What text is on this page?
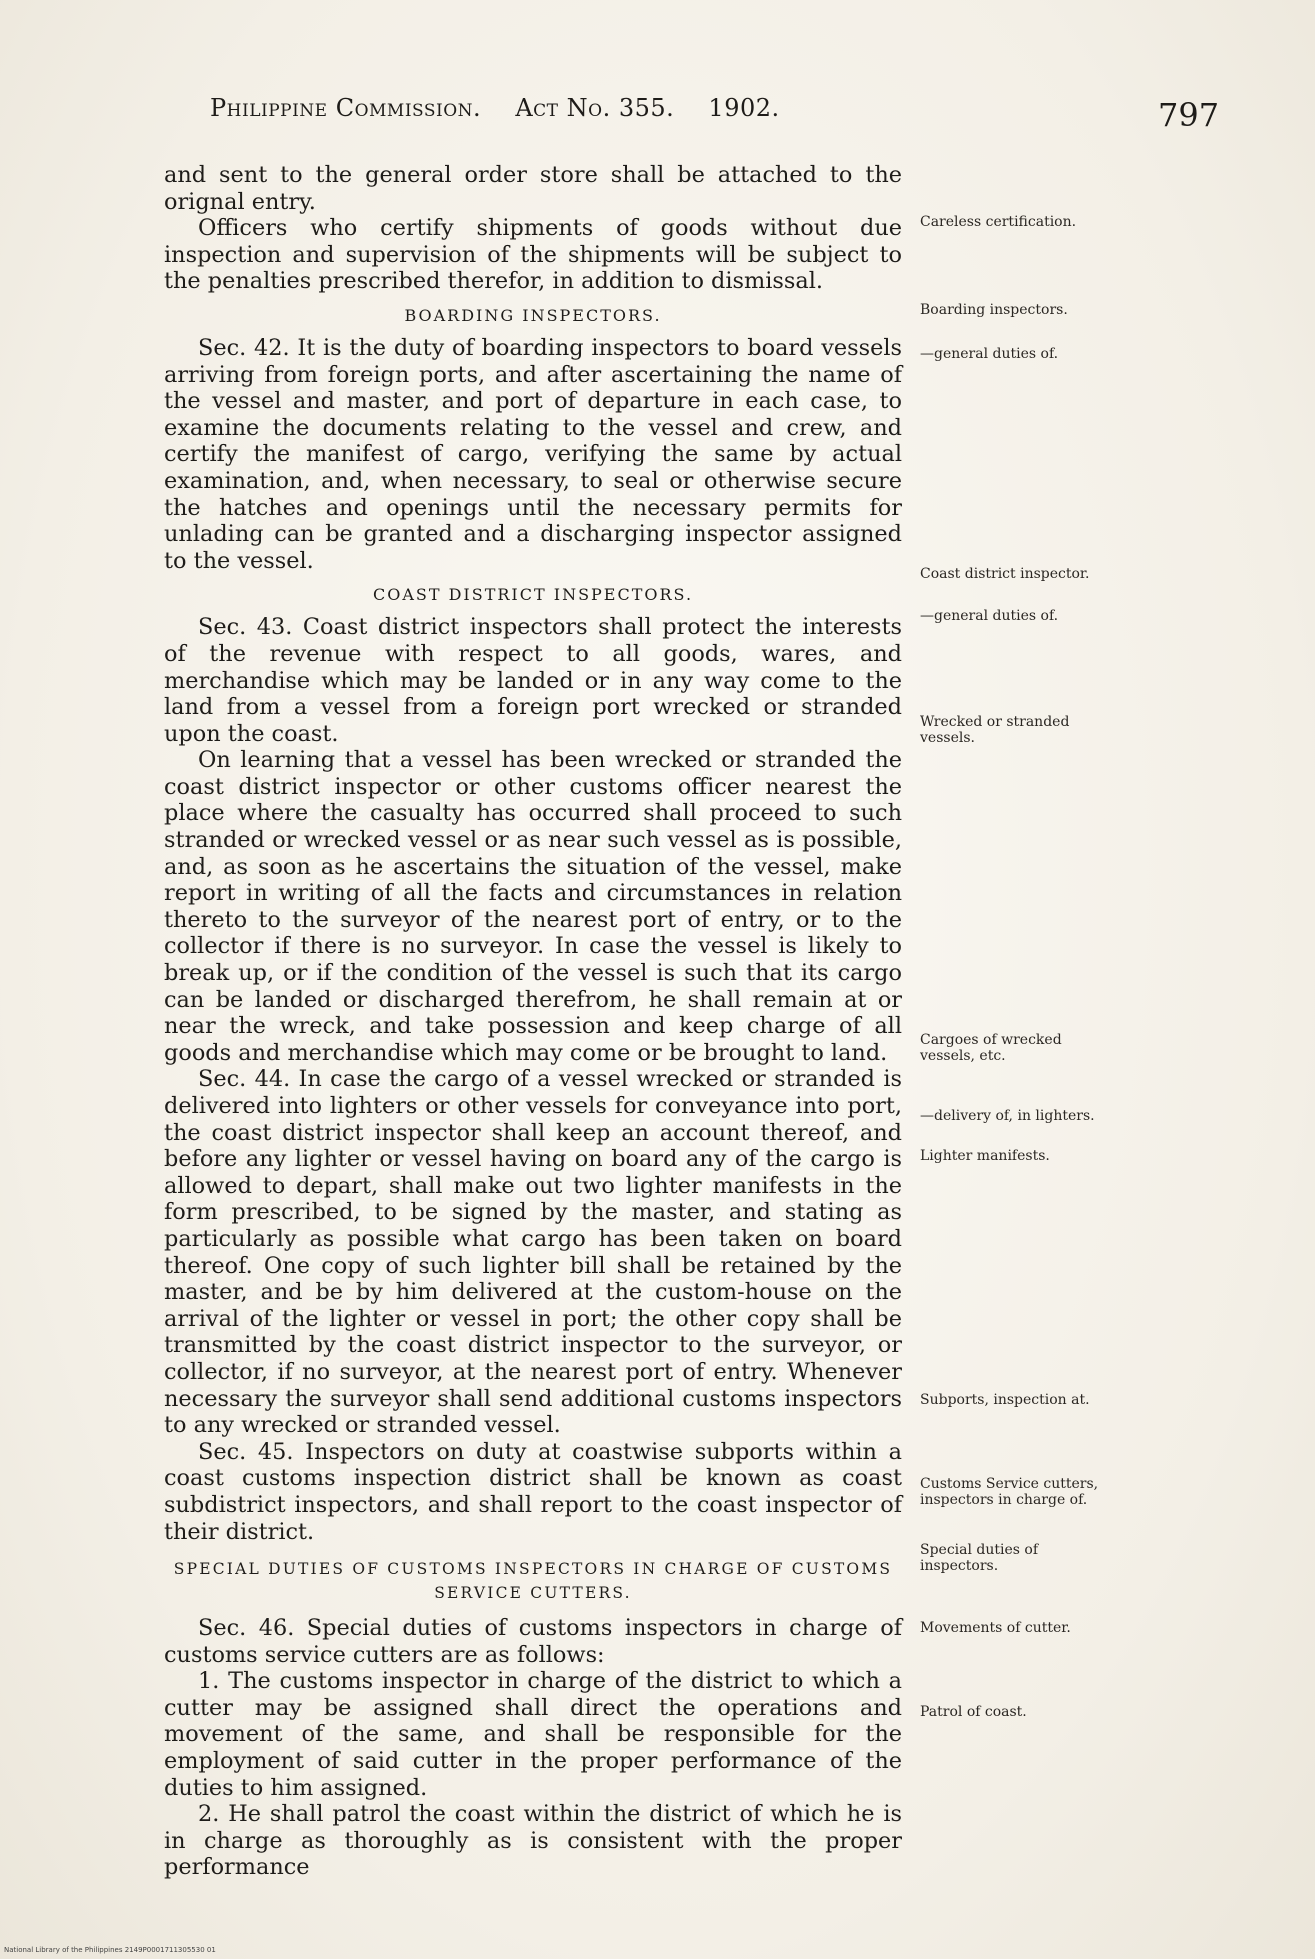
Philippine Commission. Act No. 355. 1902.	797

and sent to the general order store shall be attached to the orignal entry.

Officers who certify shipments of goods without due inspection and supervision of the shipments will be subject to the penalties prescribed therefor, in addition to dismissal.

BOARDING INSPECTORS.

Sec. 42. It is the duty of boarding inspectors to board vessels arriving from foreign ports, and after ascertaining the name of the vessel and master, and port of departure in each case, to examine the documents relating to the vessel and crew, and certify the manifest of cargo, verifying the same by actual examination, and, when necessary, to seal or otherwise secure the hatches and openings until the necessary permits for unlading can be granted and a discharging inspector assigned to the vessel.

COAST DISTRICT INSPECTORS.

Sec. 43. Coast district inspectors shall protect the interests of the revenue with respect to all goods, wares, and merchandise which may be landed or in any way come to the land from a vessel from a foreign port wrecked or stranded upon the coast.

On learning that a vessel has been wrecked or stranded the coast district inspector or other customs officer nearest the place where the casualty has occurred shall proceed to such stranded or wrecked vessel or as near such vessel as is possible, and, as soon as he ascertains the situation of the vessel, make report in writing of all the facts and circumstances in relation thereto to the surveyor of the nearest port of entry, or to the collector if there is no surveyor. In case the vessel is likely to break up, or if the condition of the vessel is such that its cargo can be landed or discharged therefrom, he shall remain at or near the wreck, and take possession and keep charge of all goods and merchandise which may come or be brought to land.

Sec. 44. In case the cargo of a vessel wrecked or stranded is delivered into lighters or other vessels for conveyance into port, the coast district inspector shall keep an account thereof, and before any lighter or vessel having on board any of the cargo is allowed to depart, shall make out two lighter manifests in the form prescribed, to be signed by the master, and stating as particularly as possible what cargo has been taken on board thereof. One copy of such lighter bill shall be retained by the master, and be by him delivered at the custom-house on the arrival of the lighter or vessel in port; the other copy shall be transmitted by the coast district inspector to the surveyor, or collector, if no surveyor, at the nearest port of entry. Whenever necessary the surveyor shall send additional customs inspectors to any wrecked or stranded vessel.

Sec. 45. Inspectors on duty at coastwise subports within a coast customs inspection district shall be known as coast subdistrict inspectors, and shall report to the coast inspector of their district.

SPECIAL DUTIES OF CUSTOMS INSPECTORS IN CHARGE OF CUSTOMS SERVICE CUTTERS.

Sec. 46. Special duties of customs inspectors in charge of customs service cutters are as follows:

1. The customs inspector in charge of the district to which a cutter may be assigned shall direct the operations and movement of the same, and shall be responsible for the employment of said cutter in the proper performance of the duties to him assigned.

2. He shall patrol the coast within the district of which he is in charge as thoroughly as is consistent with the proper performance

Careless certification.
Boarding inspectors.
—general duties of.
Coast district inspector.
—general duties of.
Wrecked or stranded vessels.
Cargoes of wrecked vessels, etc.
—delivery of, in lighters.
Lighter manifests.
Subports, inspection at.
Customs Service cutters, inspectors in charge of.
Special duties of inspectors.
Movements of cutter.
Patrol of coast.
National Library of the Philippines 2149P0001711305530 01
